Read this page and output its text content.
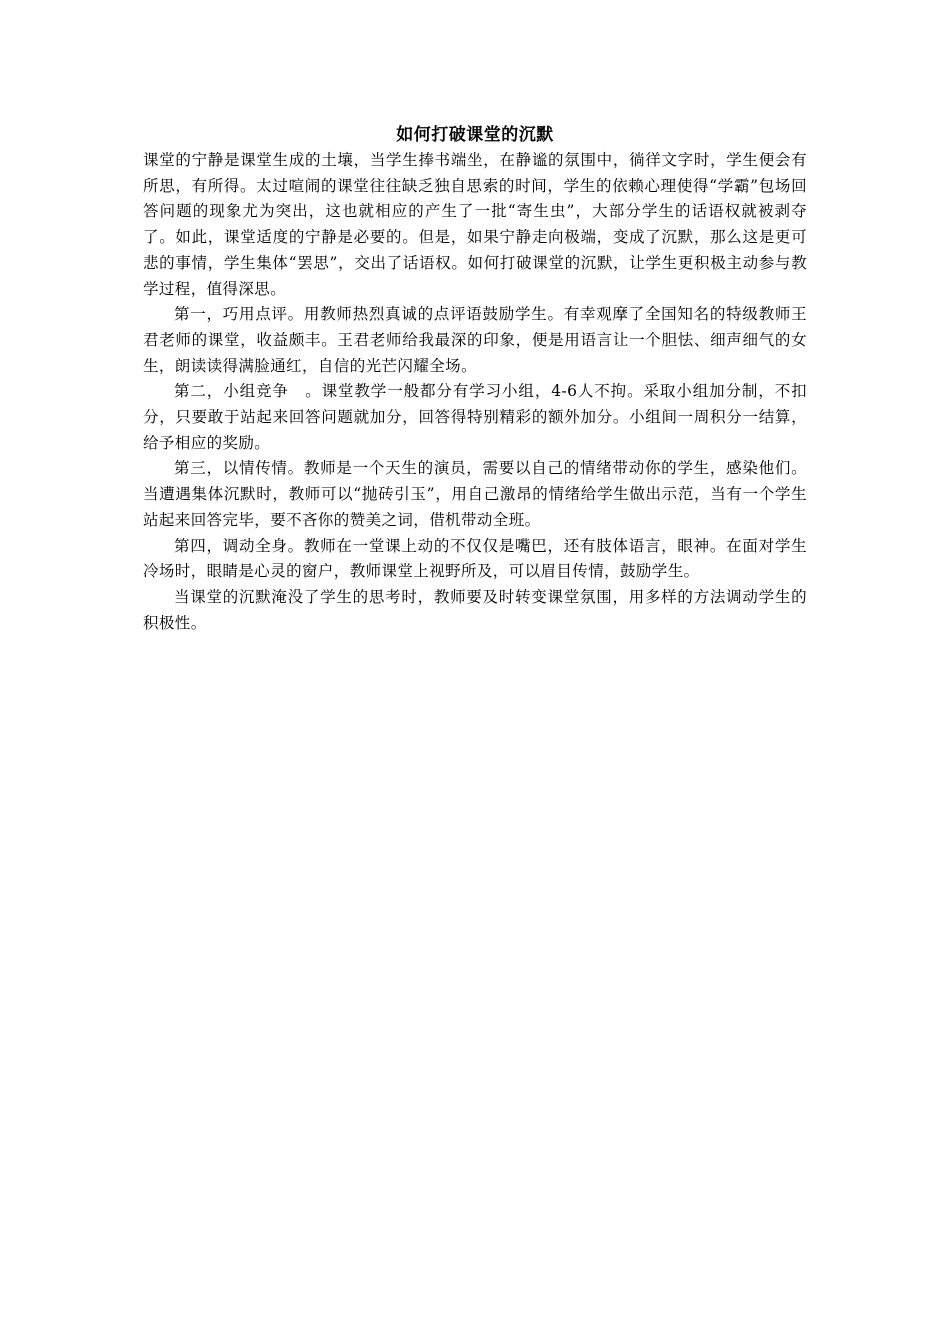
如何打破课堂的沉默

课堂的宁静是课堂生成的土壤，当学生捧书端坐，在静谧的氛围中，徜徉文字时，学生便会有所思，有所得。太过喧闹的课堂往往缺乏独自思索的时间，学生的依赖心理使得“学霸”包场回答问题的现象尤为突出，这也就相应的产生了一批“寄生虫”，大部分学生的话语权就被剥夺了。如此，课堂适度的宁静是必要的。但是，如果宁静走向极端，变成了沉默，那么这是更可悲的事情，学生集体“罢思”，交出了话语权。如何打破课堂的沉默，让学生更积极主动参与教学过程，值得深思。

第一，巧用点评。用教师热烈真诚的点评语鼓励学生。有幸观摩了全国知名的特级教师王君老师的课堂，收益颇丰。王君老师给我最深的印象，便是用语言让一个胆怯、细声细气的女生，朗读读得满脸通红，自信的光芒闪耀全场。

第二，小组竞争　。课堂教学一般都分有学习小组，4-6人不拘。采取小组加分制，不扣分，只要敢于站起来回答问题就加分，回答得特别精彩的额外加分。小组间一周积分一结算，给予相应的奖励。

第三，以情传情。教师是一个天生的演员，需要以自己的情绪带动你的学生，感染他们。当遭遇集体沉默时，教师可以“抛砖引玉”，用自己激昂的情绪给学生做出示范，当有一个学生站起来回答完毕，要不吝你的赞美之词，借机带动全班。

第四，调动全身。教师在一堂课上动的不仅仅是嘴巴，还有肢体语言，眼神。在面对学生冷场时，眼睛是心灵的窗户，教师课堂上视野所及，可以眉目传情，鼓励学生。

当课堂的沉默淹没了学生的思考时，教师要及时转变课堂氛围，用多样的方法调动学生的积极性。
